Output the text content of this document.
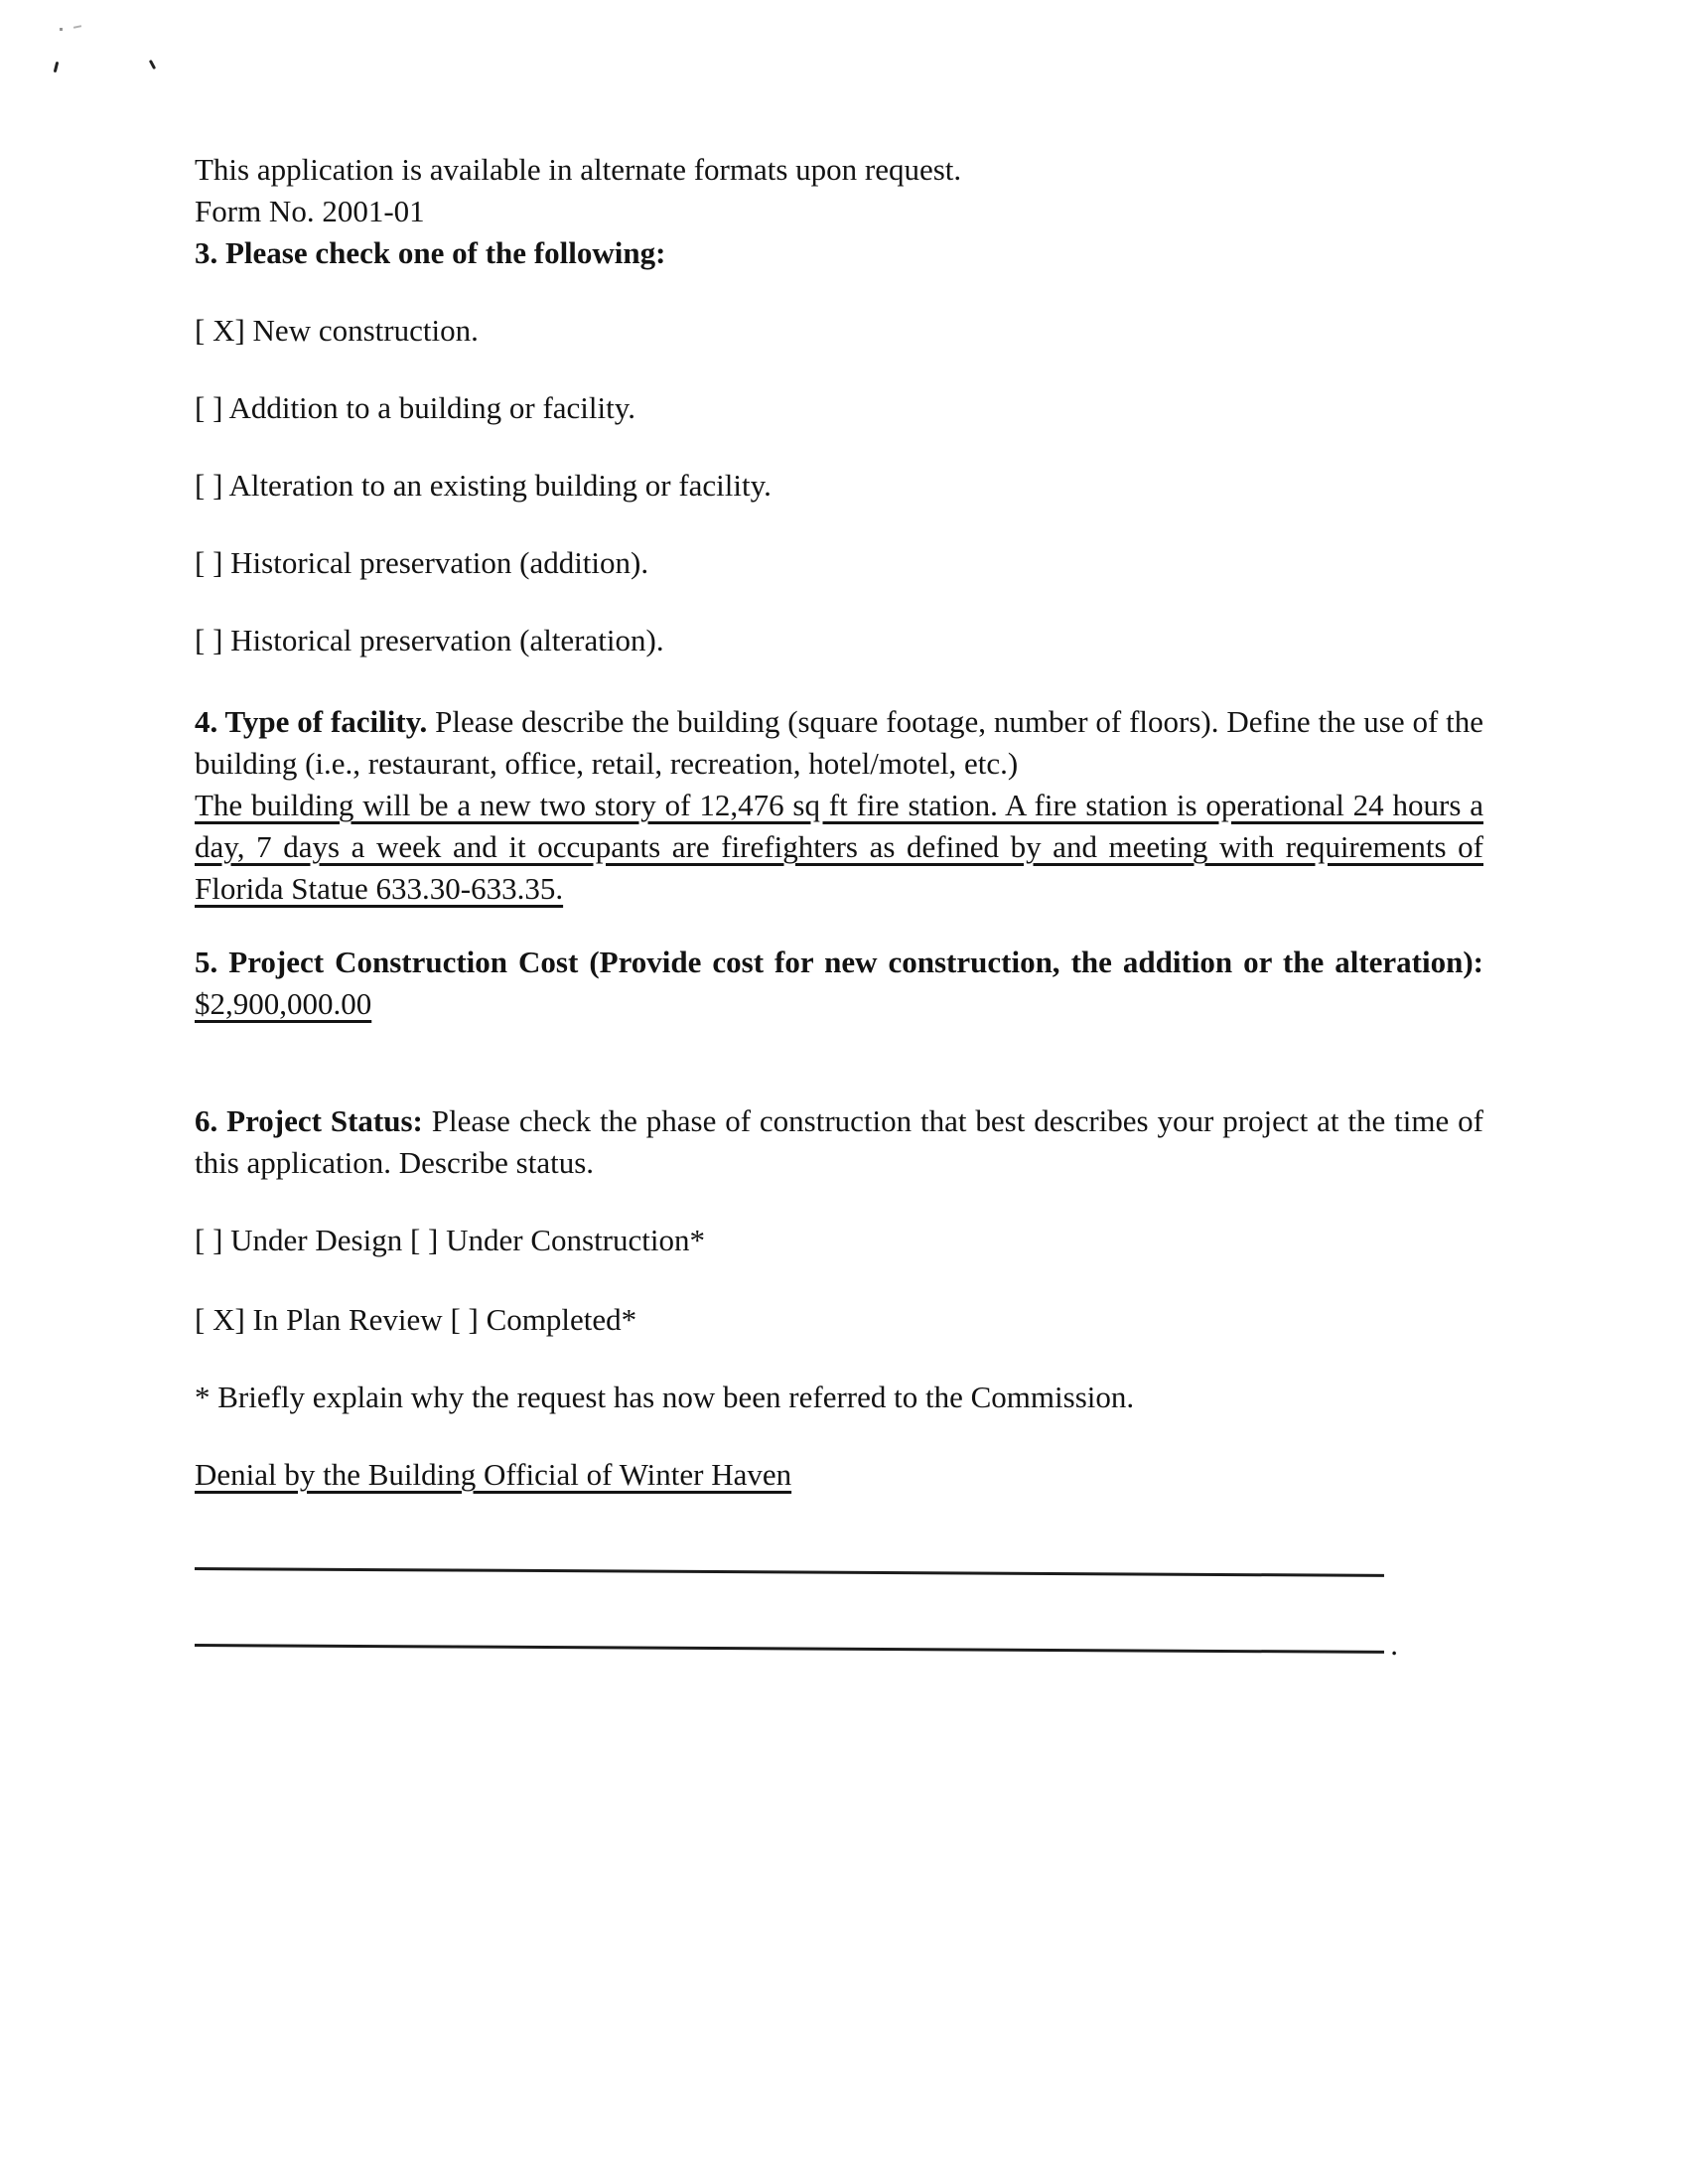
This application is available in alternate formats upon request.

Form No. 2001-01

3. Please check one of the following:

[ X] New construction.

[ ] Addition to a building or facility.

[ ] Alteration to an existing building or facility.

[ ] Historical preservation (addition).

[ ] Historical preservation (alteration).

4. Type of facility. Please describe the building (square footage, number of floors). Define the use of the building (i.e., restaurant, office, retail, recreation, hotel/motel, etc.)

The building will be a new two story of 12,476 sq ft fire station. A fire station is operational 24 hours a day, 7 days a week and it occupants are firefighters as defined by and meeting with requirements of Florida Statue 633.30-633.35.

5. Project Construction Cost (Provide cost for new construction, the addition or the alteration): $2,900,000.00

6. Project Status: Please check the phase of construction that best describes your project at the time of this application. Describe status.

[ ] Under Design [ ] Under Construction*

[ X] In Plan Review [ ] Completed*

* Briefly explain why the request has now been referred to the Commission.

Denial by the Building Official of Winter Haven

.
